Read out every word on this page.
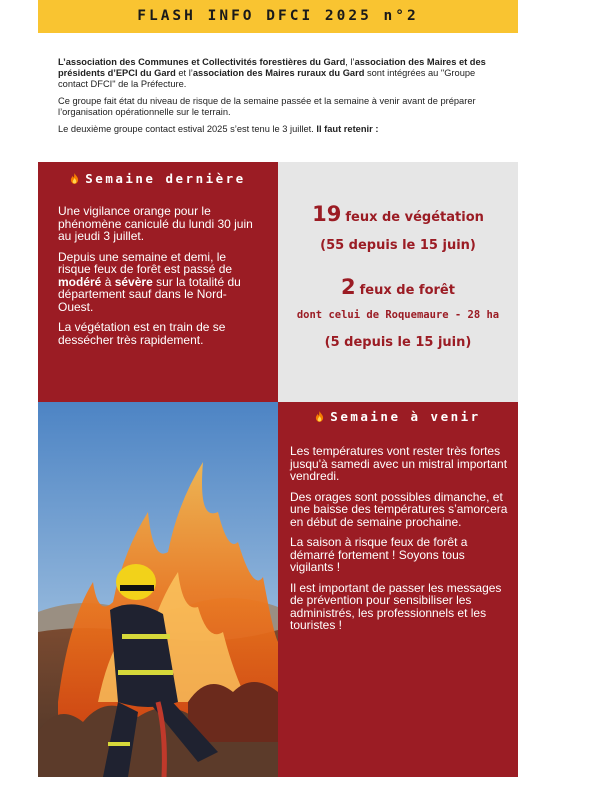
FLASH INFO DFCI 2025 n°2

L’association des Communes et Collectivités forestières du Gard, l’association des Maires et des présidents d’EPCI du Gard et l’association des Maires ruraux du Gard sont intégrées au "Groupe contact DFCI" de la Préfecture.

Ce groupe fait état du niveau de risque de la semaine passée et la semaine à venir avant de préparer l’organisation opérationnelle sur le terrain.

Le deuxième groupe contact estival 2025 s’est tenu le 3 juillet. Il faut retenir :

Semaine dernière

Une vigilance orange pour le phénomène caniculé du lundi 30 juin au jeudi 3 juillet.

Depuis une semaine et demi, le risque feux de forêt est passé de modéré à sévère sur la totalité du département sauf dans le Nord-Ouest.

La végétation est en train de se dessécher très rapidement.

19 feux de végétation
(55 depuis le 15 juin)
2 feux de forêt
dont celui de Roquemaure - 28 ha
(5 depuis le 15 juin)
Semaine à venir

Les températures vont rester très fortes jusqu'à samedi avec un mistral important vendredi.

Des orages sont possibles dimanche, et une baisse des températures s’amorcera en début de semaine prochaine.

La saison à risque feux de forêt a démarré fortement ! Soyons tous vigilants !

Il est important de passer les messages de prévention pour sensibiliser les administrés, les professionnels et les touristes !
